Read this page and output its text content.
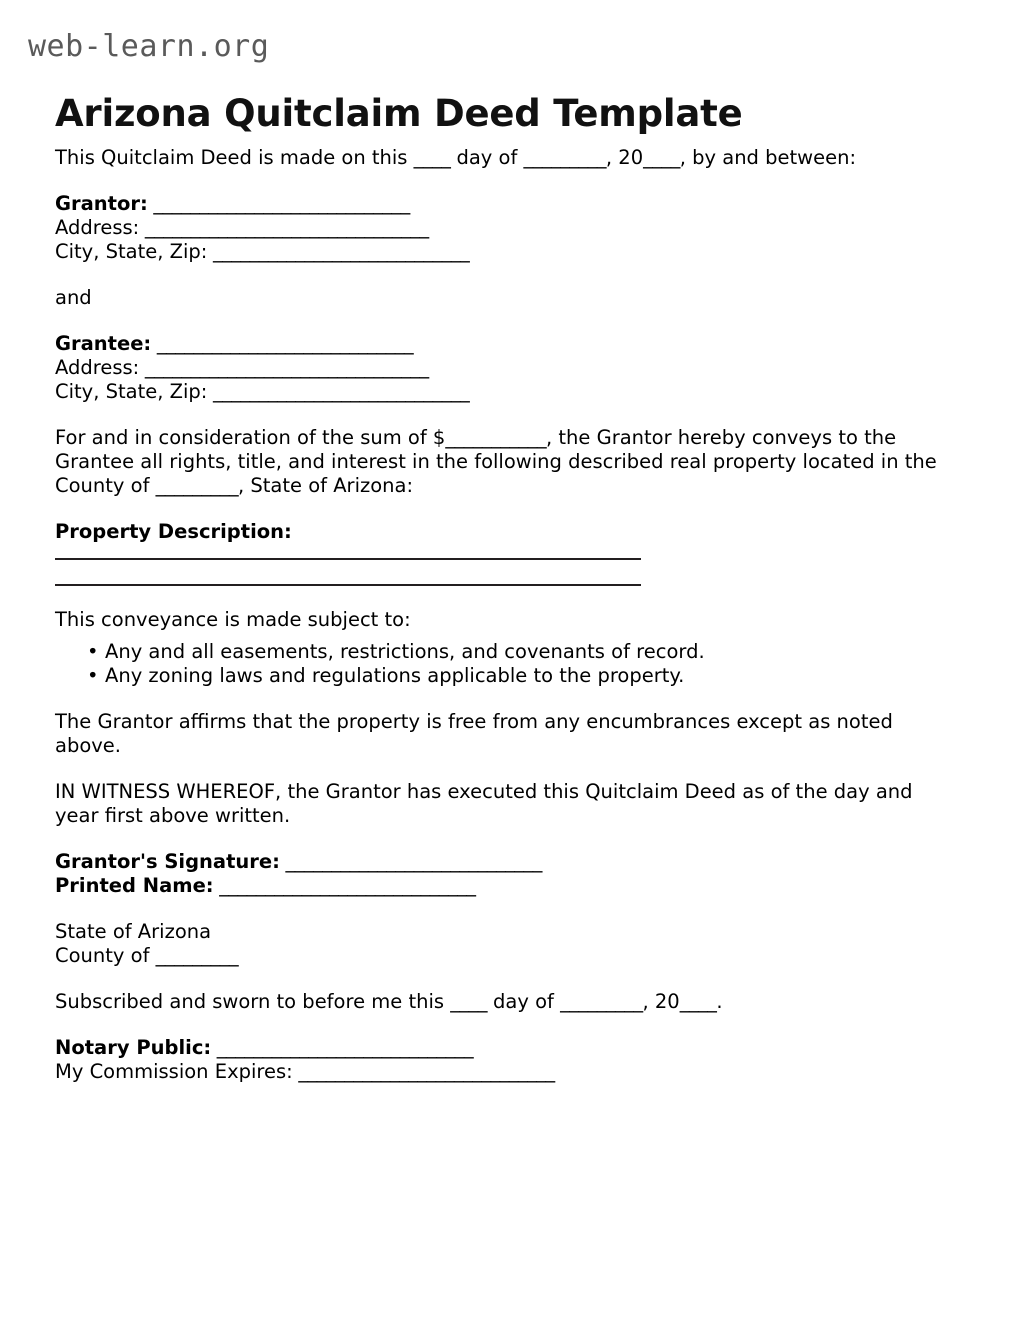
web-learn.org
Arizona Quitclaim Deed Template

This Quitclaim Deed is made on this ____ day of _________, 20____, by and between:

Grantor: ____________________________
Address: _______________________________
City, State, Zip: ____________________________

and

Grantee: ____________________________
Address: _______________________________
City, State, Zip: ____________________________

For and in consideration of the sum of $___________, the Grantor hereby conveys to the Grantee all rights, title, and interest in the following described real property located in the County of _________, State of Arizona:

Property Description:

This conveyance is made subject to:

• Any and all easements, restrictions, and covenants of record.
• Any zoning laws and regulations applicable to the property.

The Grantor affirms that the property is free from any encumbrances except as noted above.

IN WITNESS WHEREOF, the Grantor has executed this Quitclaim Deed as of the day and year first above written.

Grantor's Signature: ____________________________
Printed Name: ____________________________
State of Arizona
County of _________

Subscribed and sworn to before me this ____ day of _________, 20____.

Notary Public: ____________________________
My Commission Expires: ____________________________
